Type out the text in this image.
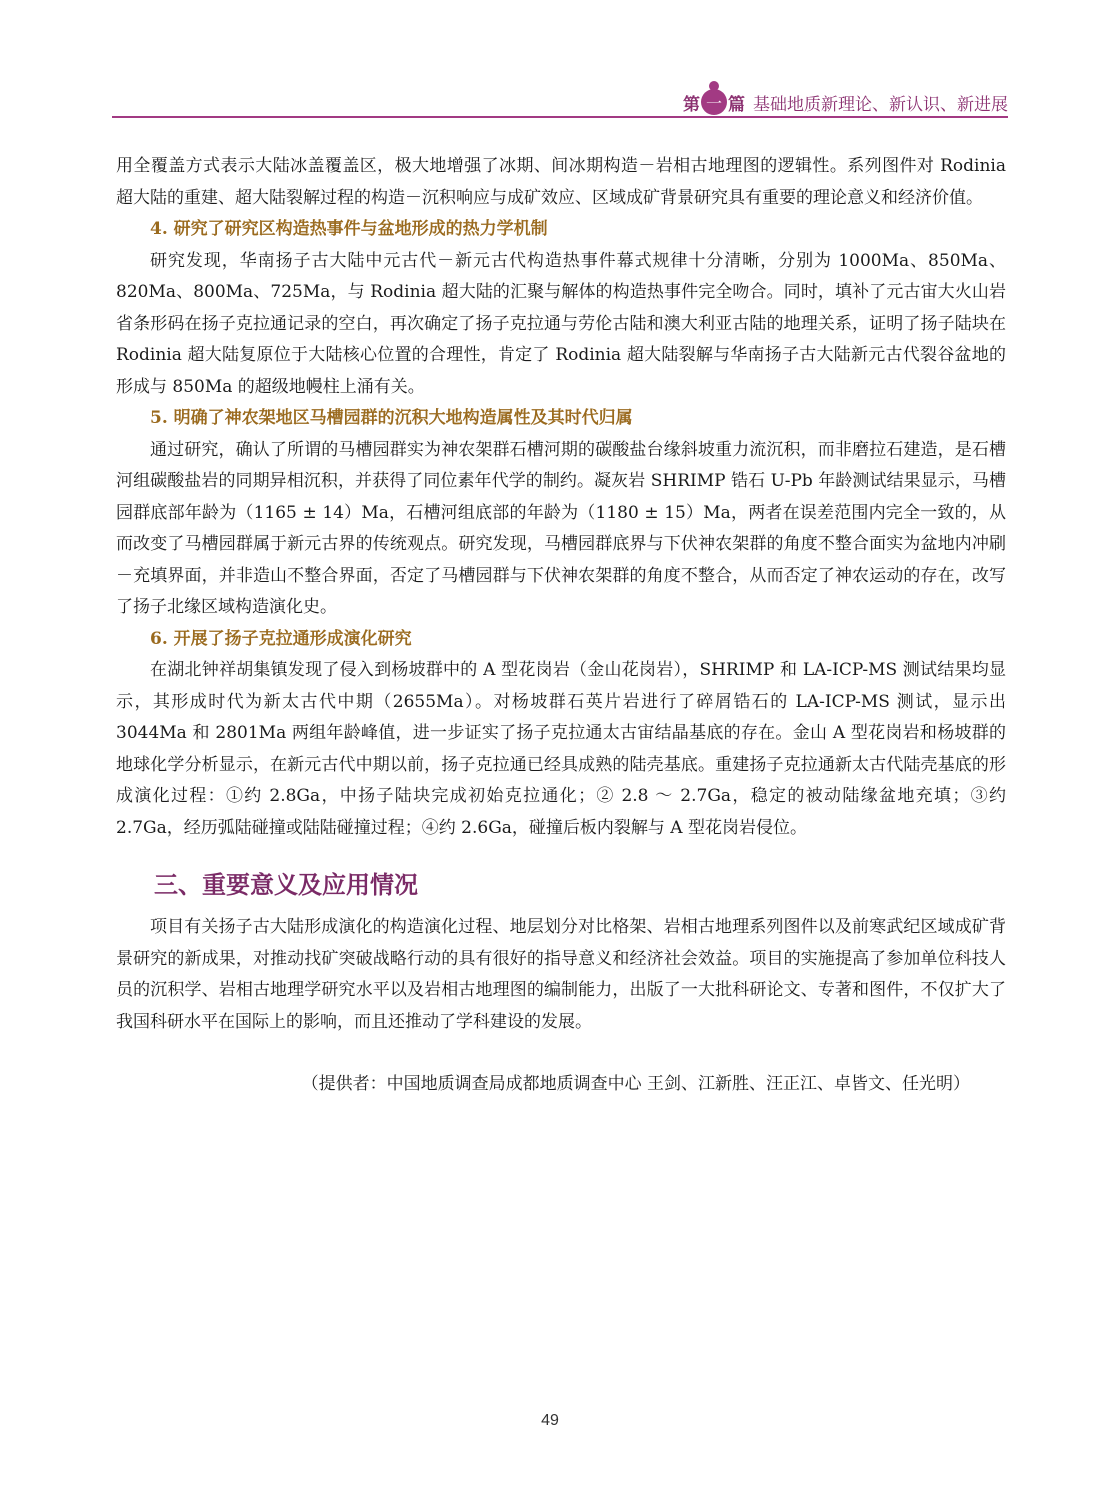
第 一 篇 基础地质新理论、新认识、新进展

用全覆盖方式表示大陆冰盖覆盖区，极大地增强了冰期、间冰期构造－岩相古地理图的逻辑性。系列图件对 Rodinia 超大陆的重建、超大陆裂解过程的构造－沉积响应与成矿效应、区域成矿背景研究具有重要的理论意义和经济价值。

4. 研究了研究区构造热事件与盆地形成的热力学机制

研究发现，华南扬子古大陆中元古代－新元古代构造热事件幕式规律十分清晰，分别为 1000Ma、850Ma、820Ma、800Ma、725Ma，与 Rodinia 超大陆的汇聚与解体的构造热事件完全吻合。同时，填补了元古宙大火山岩省条形码在扬子克拉通记录的空白，再次确定了扬子克拉通与劳伦古陆和澳大利亚古陆的地理关系，证明了扬子陆块在 Rodinia 超大陆复原位于大陆核心位置的合理性，肯定了 Rodinia 超大陆裂解与华南扬子古大陆新元古代裂谷盆地的形成与 850Ma 的超级地幔柱上涌有关。

5. 明确了神农架地区马槽园群的沉积大地构造属性及其时代归属

通过研究，确认了所谓的马槽园群实为神农架群石槽河期的碳酸盐台缘斜坡重力流沉积，而非磨拉石建造，是石槽河组碳酸盐岩的同期异相沉积，并获得了同位素年代学的制约。凝灰岩 SHRIMP 锆石 U-Pb 年龄测试结果显示，马槽园群底部年龄为（1165 ± 14）Ma，石槽河组底部的年龄为（1180 ± 15）Ma，两者在误差范围内完全一致的，从而改变了马槽园群属于新元古界的传统观点。研究发现，马槽园群底界与下伏神农架群的角度不整合面实为盆地内冲刷－充填界面，并非造山不整合界面，否定了马槽园群与下伏神农架群的角度不整合，从而否定了神农运动的存在，改写了扬子北缘区域构造演化史。

6. 开展了扬子克拉通形成演化研究

在湖北钟祥胡集镇发现了侵入到杨坡群中的 A 型花岗岩（金山花岗岩），SHRIMP 和 LA-ICP-MS 测试结果均显示，其形成时代为新太古代中期（2655Ma）。对杨坡群石英片岩进行了碎屑锆石的 LA-ICP-MS 测试，显示出 3044Ma 和 2801Ma 两组年龄峰值，进一步证实了扬子克拉通太古宙结晶基底的存在。金山 A 型花岗岩和杨坡群的地球化学分析显示，在新元古代中期以前，扬子克拉通已经具成熟的陆壳基底。重建扬子克拉通新太古代陆壳基底的形成演化过程：①约 2.8Ga，中扬子陆块完成初始克拉通化；② 2.8 ～ 2.7Ga，稳定的被动陆缘盆地充填；③约 2.7Ga，经历弧陆碰撞或陆陆碰撞过程；④约 2.6Ga，碰撞后板内裂解与 A 型花岗岩侵位。

三、重要意义及应用情况

项目有关扬子古大陆形成演化的构造演化过程、地层划分对比格架、岩相古地理系列图件以及前寒武纪区域成矿背景研究的新成果，对推动找矿突破战略行动的具有很好的指导意义和经济社会效益。项目的实施提高了参加单位科技人员的沉积学、岩相古地理学研究水平以及岩相古地理图的编制能力，出版了一大批科研论文、专著和图件，不仅扩大了我国科研水平在国际上的影响，而且还推动了学科建设的发展。

（提供者：中国地质调查局成都地质调查中心 王剑、江新胜、汪正江、卓皆文、任光明）
49
